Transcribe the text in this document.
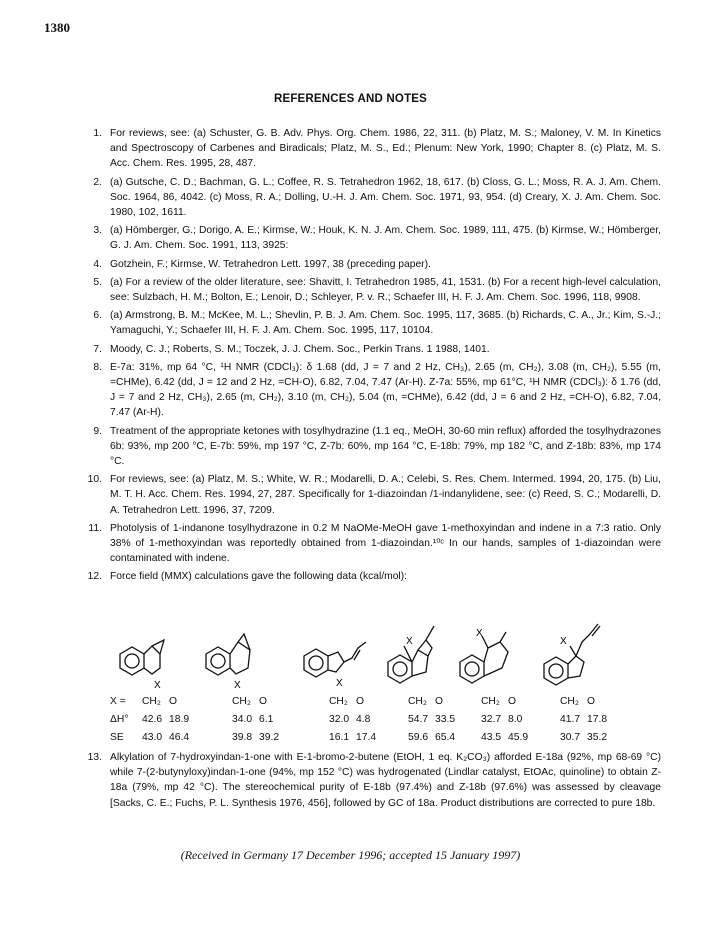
1380
REFERENCES AND NOTES
1 .	For reviews, see: (a) Schuster, G. B. Adv. Phys. Org. Chem. 1986, 22, 311. (b) Platz, M. S.; Maloney, V. M. In Kinetics and Spectroscopy of Carbenes and Biradicals; Platz, M. S., Ed.; Plenum: New York, 1990; Chapter 8. (c) Platz, M. S. Acc. Chem. Res. 1995, 28, 487.
2 .	(a) Gutsche, C. D.; Bachman, G. L.; Coffee, R. S. Tetrahedron 1962, 18, 617. (b) Closs, G. L.; Moss, R. A. J. Am. Chem. Soc. 1964, 86, 4042. (c) Moss, R. A.; Dolling, U.-H. J. Am. Chem. Soc. 1971, 93, 954. (d) Creary, X. J. Am. Chem. Soc. 1980, 102, 1611.
3 .	(a) Hömberger, G.; Dorigo, A. E.; Kirmse, W.; Houk, K. N. J. Am. Chem. Soc. 1989, 111, 475. (b) Kirmse, W.; Hömberger, G. J. Am. Chem. Soc. 1991, 113, 3925:
4 .	Gotzhein, F.; Kirmse, W. Tetrahedron Lett. 1997, 38 (preceding paper).
5 .	(a) For a review of the older literature, see: Shavitt, I. Tetrahedron 1985, 41, 1531. (b) For a recent high-level calculation, see: Sulzbach, H. M.; Bolton, E.; Lenoir, D.; Schleyer, P. v. R.; Schaefer III, H. F. J. Am. Chem. Soc. 1996, 118, 9908.
6 .	(a) Armstrong, B. M.; McKee, M. L.; Shevlin, P. B. J. Am. Chem. Soc. 1995, 117, 3685. (b) Richards, C. A., Jr.; Kim, S.-J.; Yamaguchi, Y.; Schaefer III, H. F. J. Am. Chem. Soc. 1995, 117, 10104.
7 .	Moody, C. J.; Roberts, S. M.; Toczek, J. J. Chem. Soc., Perkin Trans. 1 1988, 1401.
8 .	E-7a: 31%, mp 64 °C, ¹H NMR (CDCl₃): δ 1.68 (dd, J = 7 and 2 Hz, CH₃), 2.65 (m, CH₂), 3.08 (m, CH₂), 5.55 (m, =CHMe), 6.42 (dd, J = 12 and 2 Hz, =CH-O), 6.82, 7.04, 7.47 (Ar-H). Z-7a: 55%, mp 61°C, ¹H NMR (CDCl₃): δ 1.76 (dd, J = 7 and 2 Hz, CH₃), 2.65 (m, CH₂), 3.10 (m, CH₂), 5.04 (m, =CHMe), 6.42 (dd, J = 6 and 2 Hz, =CH-O), 6.82, 7.04, 7.47 (Ar-H).
9 .	Treatment of the appropriate ketones with tosylhydrazine (1.1 eq., MeOH, 30-60 min reflux) afforded the tosylhydrazones 6b: 93%, mp 200 °C, E-7b: 59%, mp 197 °C, Z-7b: 60%, mp 164 °C, E-18b: 79%, mp 182 °C, and Z-18b: 83%, mp 174 °C.
10 .	For reviews, see: (a) Platz, M. S.; White, W. R.; Modarelli, D. A.; Celebi, S. Res. Chem. Intermed. 1994, 20, 175. (b) Liu, M. T. H. Acc. Chem. Res. 1994, 27, 287. Specifically for 1-diazoindan /1-indanylidene, see: (c) Reed, S. C.; Modarelli, D. A. Tetrahedron Lett. 1996, 37, 7209.
11 .	Photolysis of 1-indanone tosylhydrazone in 0.2 M NaOMe-MeOH gave 1-methoxyindan and indene in a 7:3 ratio. Only 38% of 1-methoxyindan was reportedly obtained from 1-diazoindan.¹⁰ᶜ In our hands, samples of 1-diazoindan were contaminated with indene.
12 .	Force field (MMX) calculations gave the following data (kcal/mol):
X	X	X
X
X
X
X = CH₂ O	CH₂ O	CH₂ O	CH₂ O	CH₂ O	CH₂ O
ΔH° 42.6 18.9	34.0 6.1	32.0 4.8	54.7 33.5	32.7 8.0	41.7 17.8
SE 43.0 46.4	39.8 39.2	16.1 17.4	59.6 65.4	43.5 45.9	30.7 35.2
13 .	Alkylation of 7-hydroxyindan-1-one with E-1-bromo-2-butene (EtOH, 1 eq. K₂CO₃) afforded E-18a (92%, mp 68-69 °C) while 7-(2-butynyloxy)indan-1-one (94%, mp 152 °C) was hydrogenated (Lindlar catalyst, EtOAc, quinoline) to obtain Z-18a (79%, mp 42 °C). The stereochemical purity of E-18b (97.4%) and Z-18b (97.6%) was assessed by cleavage [Sacks, C. E.; Fuchs, P. L. Synthesis 1976, 456], followed by GC of 18a. Product distributions are corrected to pure 18b.
(Received in Germany 17 December 1996; accepted 15 January 1997)
